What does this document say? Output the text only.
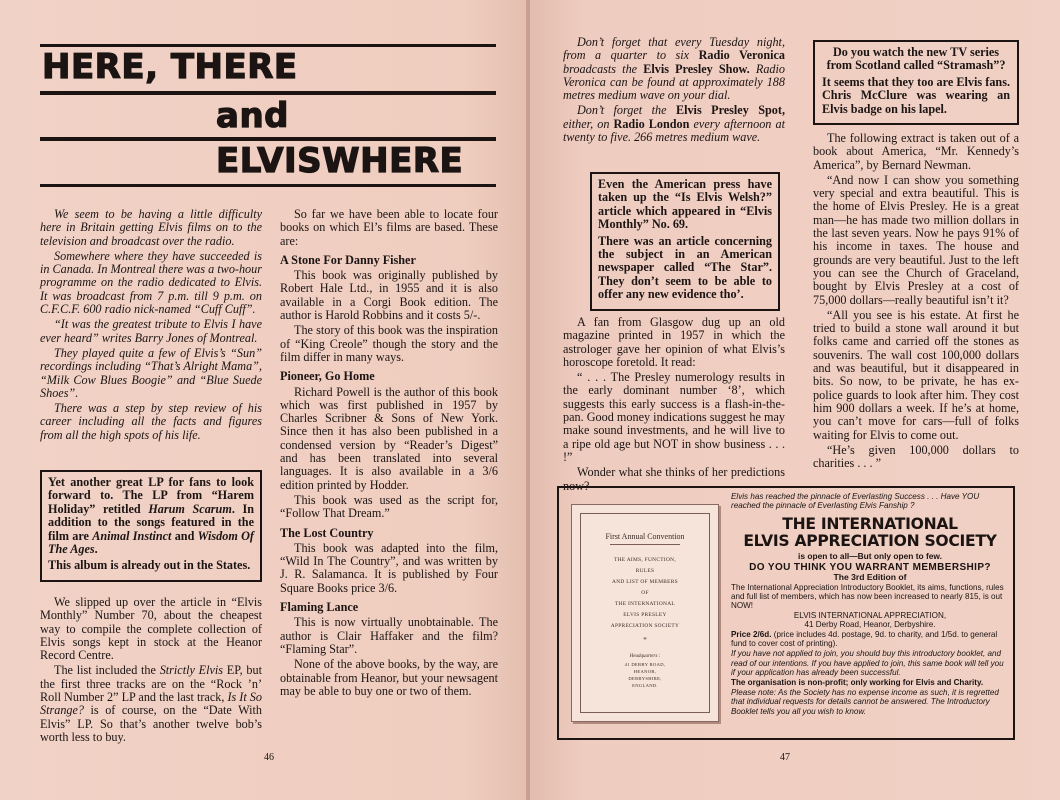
HERE, THERE
and
ELVISWHERE

We seem to be having a little difficulty here in Britain getting Elvis films on to the television and broadcast over the radio.

Somewhere where they have succeeded is in Canada. In Montreal there was a two-hour programme on the radio dedicated to Elvis. It was broadcast from 7 p.m. till 9 p.m. on C.F.C.F. 600 radio nick-named “Cuff Cuff”.

“It was the greatest tribute to Elvis I have ever heard” writes Barry Jones of Montreal.

They played quite a few of Elvis’s “Sun” recordings including “That’s Alright Mama”, “Milk Cow Blues Boogie” and “Blue Suede Shoes”.

There was a step by step review of his career including all the facts and figures from all the high spots of his life.

Yet another great LP for fans to look forward to. The LP from “Harem Holiday” retitled Harum Scarum. In addition to the songs featured in the film are Animal Instinct and Wisdom Of The Ages.

This album is already out in the States.

We slipped up over the article in “Elvis Monthly” Number 70, about the cheapest way to compile the complete collection of Elvis songs kept in stock at the Heanor Record Centre.

The list included the Strictly Elvis EP, but the first three tracks are on the “Rock ’n’ Roll Number 2” LP and the last track, Is It So Strange? is of course, on the “Date With Elvis” LP. So that’s another twelve bob’s worth less to buy.

So far we have been able to locate four books on which El’s films are based. These are:

A Stone For Danny Fisher

This book was originally published by Robert Hale Ltd., in 1955 and it is also available in a Corgi Book edition. The author is Harold Robbins and it costs 5/-.

The story of this book was the inspiration of “King Creole” though the story and the film differ in many ways.

Pioneer, Go Home

Richard Powell is the author of this book which was first published in 1957 by Charles Scribner & Sons of New York. Since then it has also been published in a condensed version by “Reader’s Digest” and has been translated into several languages. It is also available in a 3/6 edition printed by Hodder.

This book was used as the script for, “Follow That Dream.”

The Lost Country

This book was adapted into the film, “Wild In The Country”, and was written by J. R. Salamanca. It is published by Four Square Books price 3/6.

Flaming Lance

This is now virtually unobtainable. The author is Clair Haffaker and the film? “Flaming Star”.

None of the above books, by the way, are obtainable from Heanor, but your newsagent may be able to buy one or two of them.

46

Don’t forget that every Tuesday night, from a quarter to six Radio Veronica broadcasts the Elvis Presley Show. Radio Veronica can be found at approximately 188 metres medium wave on your dial.

Don’t forget the Elvis Presley Spot, either, on Radio London every afternoon at twenty to five. 266 metres medium wave.

Even the American press have taken up the “Is Elvis Welsh?” article which appeared in “Elvis Monthly” No. 69.

There was an article concerning the subject in an American newspaper called “The Star”. They don’t seem to be able to offer any new evidence tho’.

A fan from Glasgow dug up an old magazine printed in 1957 in which the astrologer gave her opinion of what Elvis’s horoscope foretold. It read:

“ . . . The Presley numerology results in the early dominant number ‘8’, which suggests this early success is a flash-in-the-pan. Good money indications suggest he may make sound investments, and he will live to a ripe old age but NOT in show business . . . !”

Wonder what she thinks of her predictions now?

Do you watch the new TV series from Scotland called “Stramash”?

It seems that they too are Elvis fans. Chris McClure was wearing an Elvis badge on his lapel.

The following extract is taken out of a book about America, “Mr. Kennedy’s America”, by Bernard Newman.

“And now I can show you something very special and extra beautiful. This is the home of Elvis Presley. He is a great man—he has made two million dollars in the last seven years. Now he pays 91% of his income in taxes. The house and grounds are very beautiful. Just to the left you can see the Church of Graceland, bought by Elvis Presley at a cost of 75,000 dollars—really beautiful isn’t it?

“All you see is his estate. At first he tried to build a stone wall around it but folks came and carried off the stones as souvenirs. The wall cost 100,000 dollars and was beautiful, but it disappeared in bits. So now, to be private, he has ex-police guards to look after him. They cost him 900 dollars a week. If he’s at home, you can’t move for cars—full of folks waiting for Elvis to come out.

“He’s given 100,000 dollars to charities . . . ”

First Annual Convention
THE AIMS, FUNCTION,
RULES
AND LIST OF MEMBERS
OF
THE INTERNATIONAL
ELVIS PRESLEY
APPRECIATION SOCIETY
*
Headquarters :
41 DERBY ROAD,
HEANOR,
DERBYSHIRE,
ENGLAND.
Elvis has reached the pinnacle of Everlasting Success . . . Have YOU reached the pinnacle of Everlasting Elvis Fanship ?
THE INTERNATIONAL
ELVIS APPRECIATION SOCIETY
is open to all—But only open to few.
DO YOU THINK YOU WARRANT MEMBERSHIP?
The 3rd Edition of
The International Appreciation Introductory Booklet, its aims, functions, rules and full list of members, which has now been increased to nearly 815, is out NOW!
ELVIS INTERNATIONAL APPRECIATION,
41 Derby Road, Heanor, Derbyshire.
Price 2/6d. (price includes 4d. postage, 9d. to charity, and 1/5d. to general fund to cover cost of printing).
If you have not applied to join, you should buy this introductory booklet, and read of our intentions. If you have applied to join, this same book will tell you if your application has already been successful.
The organisation is non-profit; only working for Elvis and Charity.
Please note: As the Society has no expense income as such, it is regretted that individual requests for details cannot be answered. The Introductory Booklet tells you all you wish to know.
47
